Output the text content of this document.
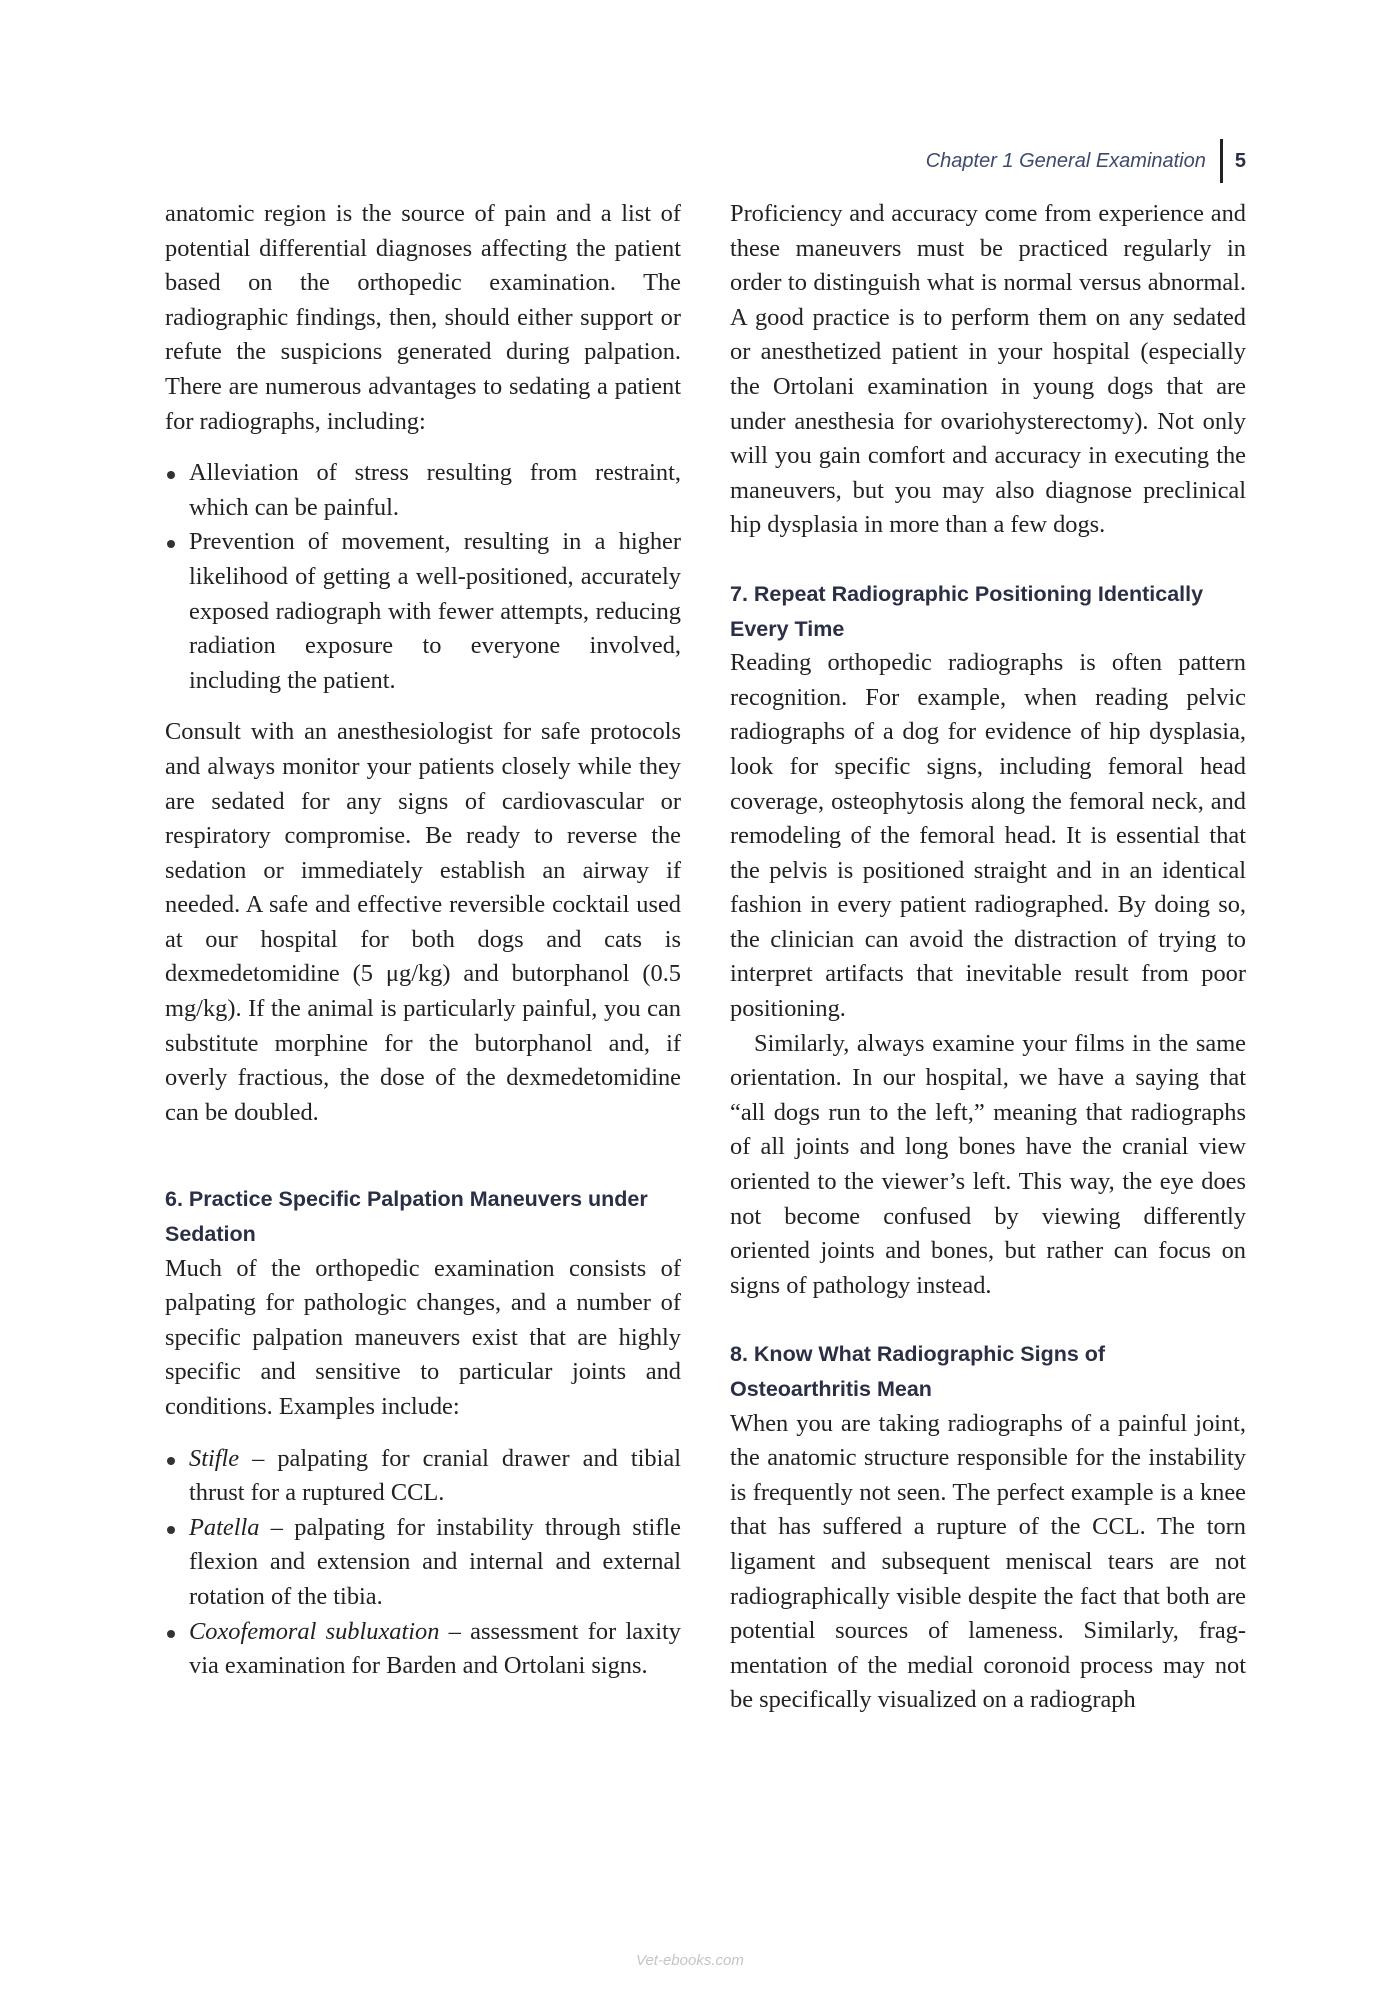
Chapter 1 General Examination 5

anatomic region is the source of pain and a list of potential differential diagnoses affecting the patient based on the orthopedic examination. The radiographic findings, then, should either support or refute the suspicions generated during palpation. There are numerous advantages to sedating a patient for radiographs, including:

Alleviation of stress resulting from restraint, which can be painful.
Prevention of movement, resulting in a higher likelihood of getting a well-positioned, accurately exposed radiograph with fewer attempts, reducing radiation exposure to everyone involved, including the patient.

Consult with an anesthesiologist for safe protocols and always monitor your patients closely while they are sedated for any signs of cardiovascular or respiratory compromise. Be ready to reverse the sedation or immediately establish an airway if needed. A safe and effective reversible cocktail used at our hospital for both dogs and cats is dexmedetomidine (5 μg/kg) and butorphanol (0.5 mg/kg). If the animal is particularly painful, you can substitute morphine for the butorphanol and, if overly fractious, the dose of the dexmedetomidine can be doubled.

6. Practice Specific Palpation Maneuvers under Sedation

Much of the orthopedic examination consists of palpating for pathologic changes, and a number of specific palpation maneuvers exist that are highly specific and sensitive to particular joints and conditions. Examples include:

Stifle – palpating for cranial drawer and tibial thrust for a ruptured CCL.
Patella – palpating for instability through stifle flexion and extension and internal and external rotation of the tibia.
Coxofemoral subluxation – assessment for laxity via examination for Barden and Ortolani signs.

Proficiency and accuracy come from experience and these maneuvers must be practiced regularly in order to distinguish what is normal versus abnormal. A good practice is to perform them on any sedated or anesthetized patient in your hospital (especially the Ortolani examination in young dogs that are under anesthesia for ovariohysterectomy). Not only will you gain comfort and accuracy in executing the maneuvers, but you may also diagnose preclinical hip dysplasia in more than a few dogs.

7. Repeat Radiographic Positioning Identically Every Time

Reading orthopedic radiographs is often pattern recognition. For example, when reading pelvic radiographs of a dog for evidence of hip dysplasia, look for specific signs, including femoral head coverage, osteophytosis along the femoral neck, and remodeling of the femoral head. It is essential that the pelvis is positioned straight and in an identical fashion in every patient radiographed. By doing so, the clinician can avoid the distraction of trying to interpret artifacts that inevitable result from poor positioning.

Similarly, always examine your films in the same orientation. In our hospital, we have a saying that “all dogs run to the left,” meaning that radiographs of all joints and long bones have the cranial view oriented to the viewer’s left. This way, the eye does not become confused by viewing differently oriented joints and bones, but rather can focus on signs of pathology instead.

8. Know What Radiographic Signs of Osteoarthritis Mean

When you are taking radiographs of a painful joint, the anatomic structure responsible for the instability is frequently not seen. The perfect example is a knee that has suffered a rupture of the CCL. The torn ligament and subsequent meniscal tears are not radiographically visible despite the fact that both are potential sources of lameness. Similarly, fragmentation of the medial coronoid process may not be specifically visualized on a radiograph

Vet-ebooks.com
